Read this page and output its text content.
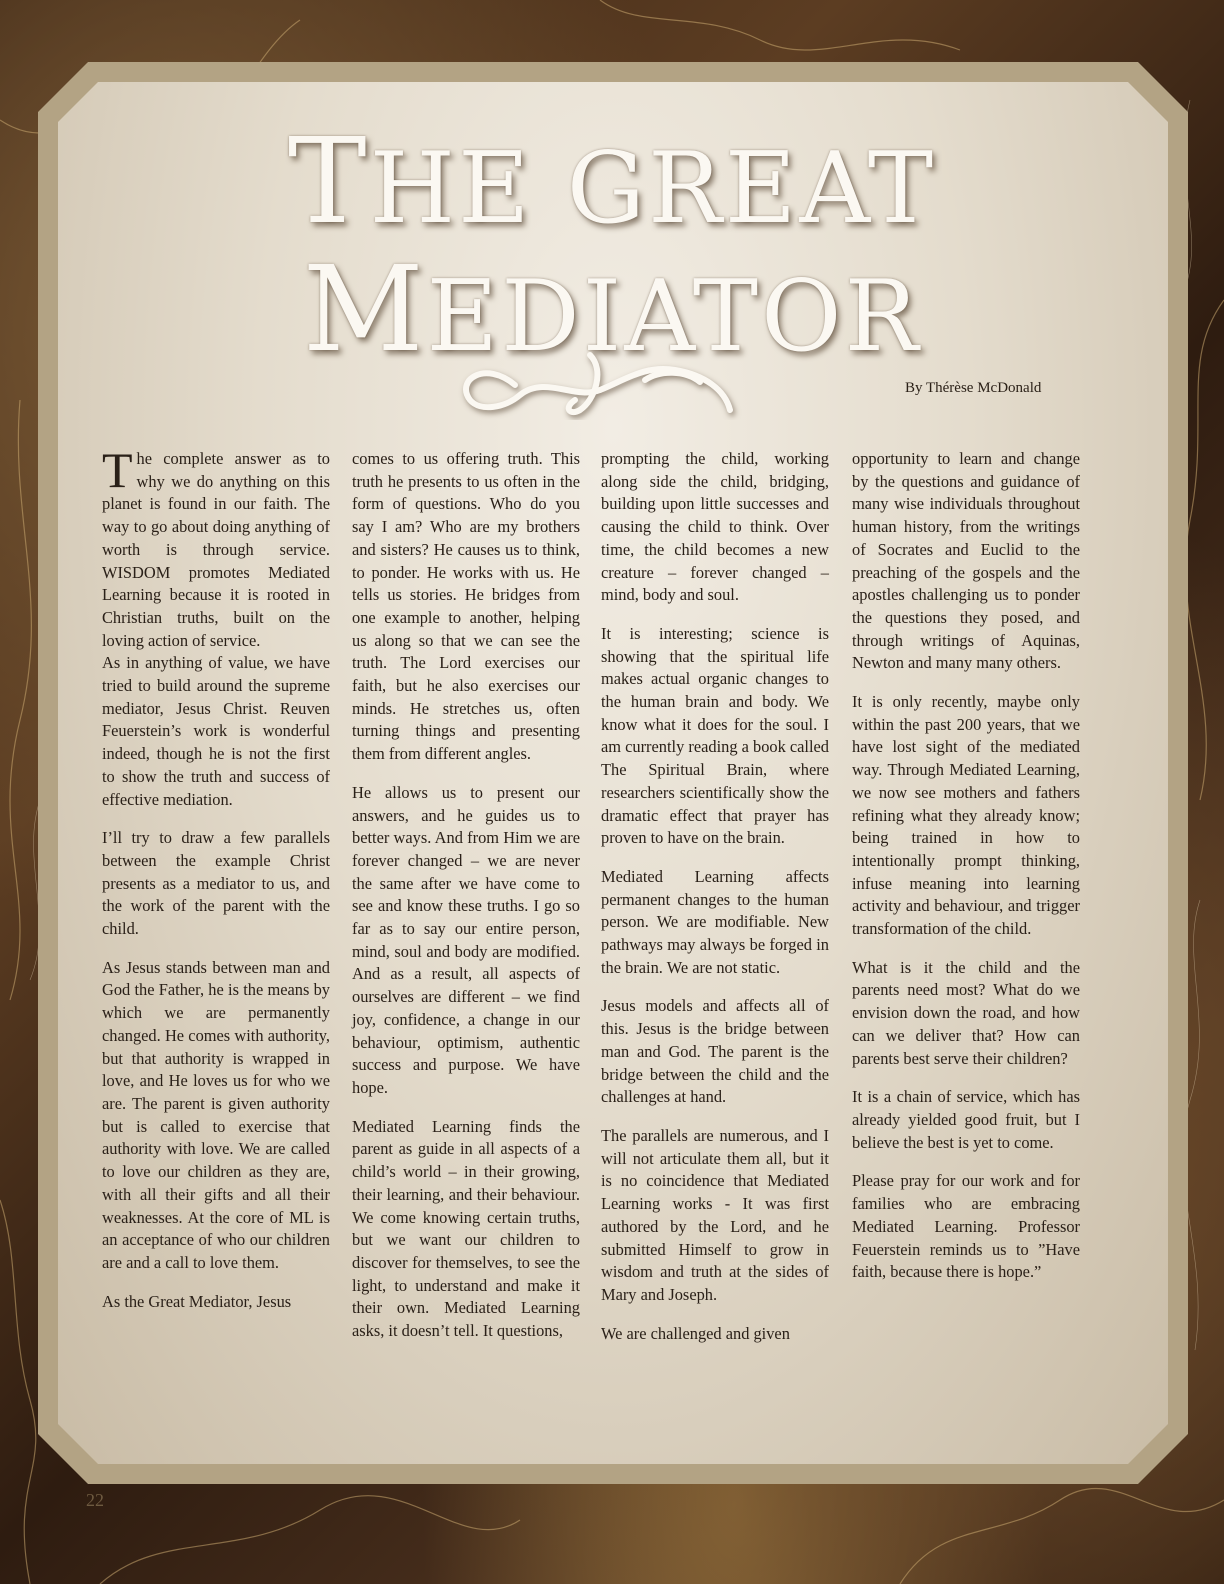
THE GREAT
MEDIATOR

By Thérèse McDonald

The complete answer as to why we do anything on this planet is found in our faith. The way to go about doing anything of worth is through service. WISDOM promotes Mediated Learning because it is rooted in Christian truths, built on the loving action of service.

As in anything of value, we have tried to build around the supreme mediator, Jesus Christ. Reuven Feuerstein’s work is wonderful indeed, though he is not the first to show the truth and success of effective mediation.

I’ll try to draw a few parallels between the example Christ presents as a mediator to us, and the work of the parent with the child.

As Jesus stands between man and God the Father, he is the means by which we are permanently changed. He comes with authority, but that authority is wrapped in love, and He loves us for who we are. The parent is given authority but is called to exercise that authority with love. We are called to love our children as they are, with all their gifts and all their weaknesses. At the core of ML is an acceptance of who our children are and a call to love them.

As the Great Mediator, Jesus

comes to us offering truth. This truth he presents to us often in the form of questions. Who do you say I am? Who are my brothers and sisters? He causes us to think, to ponder. He works with us. He tells us stories. He bridges from one example to another, helping us along so that we can see the truth. The Lord exercises our faith, but he also exercises our minds. He stretches us, often turning things and presenting them from different angles.

He allows us to present our answers, and he guides us to better ways. And from Him we are forever changed – we are never the same after we have come to see and know these truths. I go so far as to say our entire person, mind, soul and body are modified. And as a result, all aspects of ourselves are different – we find joy, confidence, a change in our behaviour, optimism, authentic success and purpose. We have hope.

Mediated Learning finds the parent as guide in all aspects of a child’s world – in their growing, their learning, and their behaviour. We come knowing certain truths, but we want our children to discover for themselves, to see the light, to understand and make it their own. Mediated Learning asks, it doesn’t tell. It questions,

prompting the child, working along side the child, bridging, building upon little successes and causing the child to think. Over time, the child becomes a new creature – forever changed – mind, body and soul.

It is interesting; science is showing that the spiritual life makes actual organic changes to the human brain and body. We know what it does for the soul. I am currently reading a book called The Spiritual Brain, where researchers scientifically show the dramatic effect that prayer has proven to have on the brain.

Mediated Learning affects permanent changes to the human person. We are modifiable. New pathways may always be forged in the brain. We are not static.

Jesus models and affects all of this. Jesus is the bridge between man and God. The parent is the bridge between the child and the challenges at hand.

The parallels are numerous, and I will not articulate them all, but it is no coincidence that Mediated Learning works - It was first authored by the Lord, and he submitted Himself to grow in wisdom and truth at the sides of Mary and Joseph.

We are challenged and given

opportunity to learn and change by the questions and guidance of many wise individuals throughout human history, from the writings of Socrates and Euclid to the preaching of the gospels and the apostles challenging us to ponder the questions they posed, and through writings of Aquinas, Newton and many many others.

It is only recently, maybe only within the past 200 years, that we have lost sight of the mediated way. Through Mediated Learning, we now see mothers and fathers refining what they already know; being trained in how to intentionally prompt thinking, infuse meaning into learning activity and behaviour, and trigger transformation of the child.

What is it the child and the parents need most? What do we envision down the road, and how can we deliver that? How can parents best serve their children?

It is a chain of service, which has already yielded good fruit, but I believe the best is yet to come.

Please pray for our work and for families who are embracing Mediated Learning. Professor Feuerstein reminds us to ”Have faith, because there is hope.”

22
